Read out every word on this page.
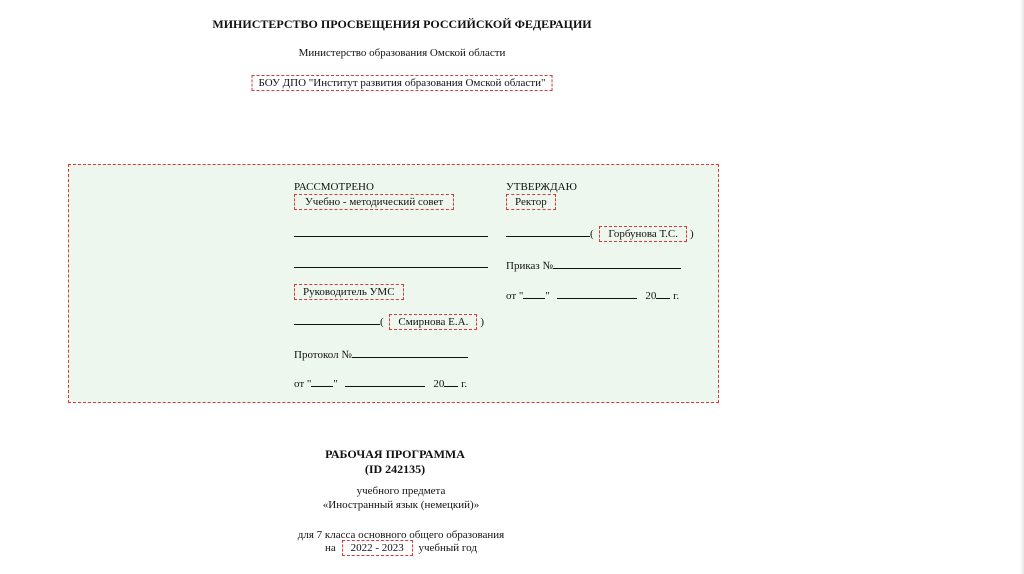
МИНИСТЕРСТВО ПРОСВЕЩЕНИЯ РОССИЙСКОЙ ФЕДЕРАЦИИ
Министерство образования Омской области
БОУ ДПО "Институт развития образования Омской области"
РАССМОТРЕНО
Учебно - методический совет
Руководитель УМС
( Смирнова Е.А. )
Протокол №
от " "	20 г.
УТВЕРЖДАЮ
Ректор
( Горбунова Т.С. )
Приказ №
от " "	20 г.
РАБОЧАЯ ПРОГРАММА
(ID 242135)
учебного предмета
«Иностранный язык (немецкий)»
для 7 класса основного общего образования
на 2022 - 2023 учебный год
